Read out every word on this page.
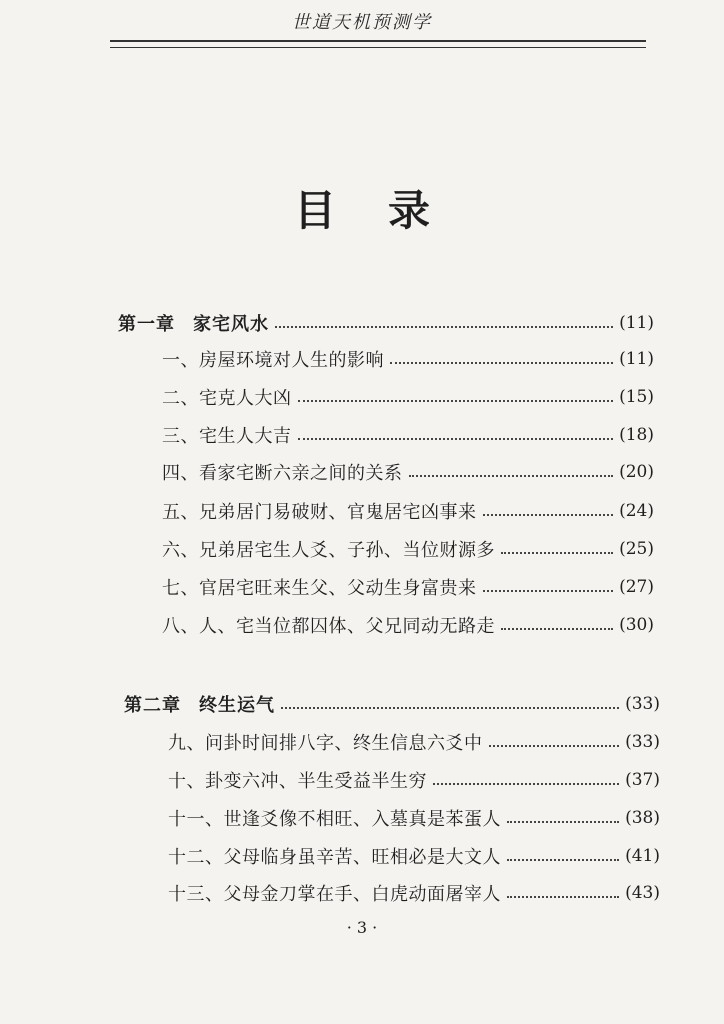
世道天机预测学
目录
第一章 家宅风水	(11)
一、房屋环境对人生的影响	(11)
二、宅克人大凶	(15)
三、宅生人大吉	(18)
四、看家宅断六亲之间的关系	(20)
五、兄弟居门易破财、官鬼居宅凶事来	(24)
六、兄弟居宅生人爻、子孙、当位财源多	(25)
七、官居宅旺来生父、父动生身富贵来	(27)
八、人、宅当位都囚体、父兄同动无路走	(30)
第二章 终生运气	(33)
九、问卦时间排八字、终生信息六爻中	(33)
十、卦变六冲、半生受益半生穷	(37)
十一、世逢爻像不相旺、入墓真是苯蛋人	(38)
十二、父母临身虽辛苦、旺相必是大文人	(41)
十三、父母金刀掌在手、白虎动面屠宰人	(43)
· 3 ·
